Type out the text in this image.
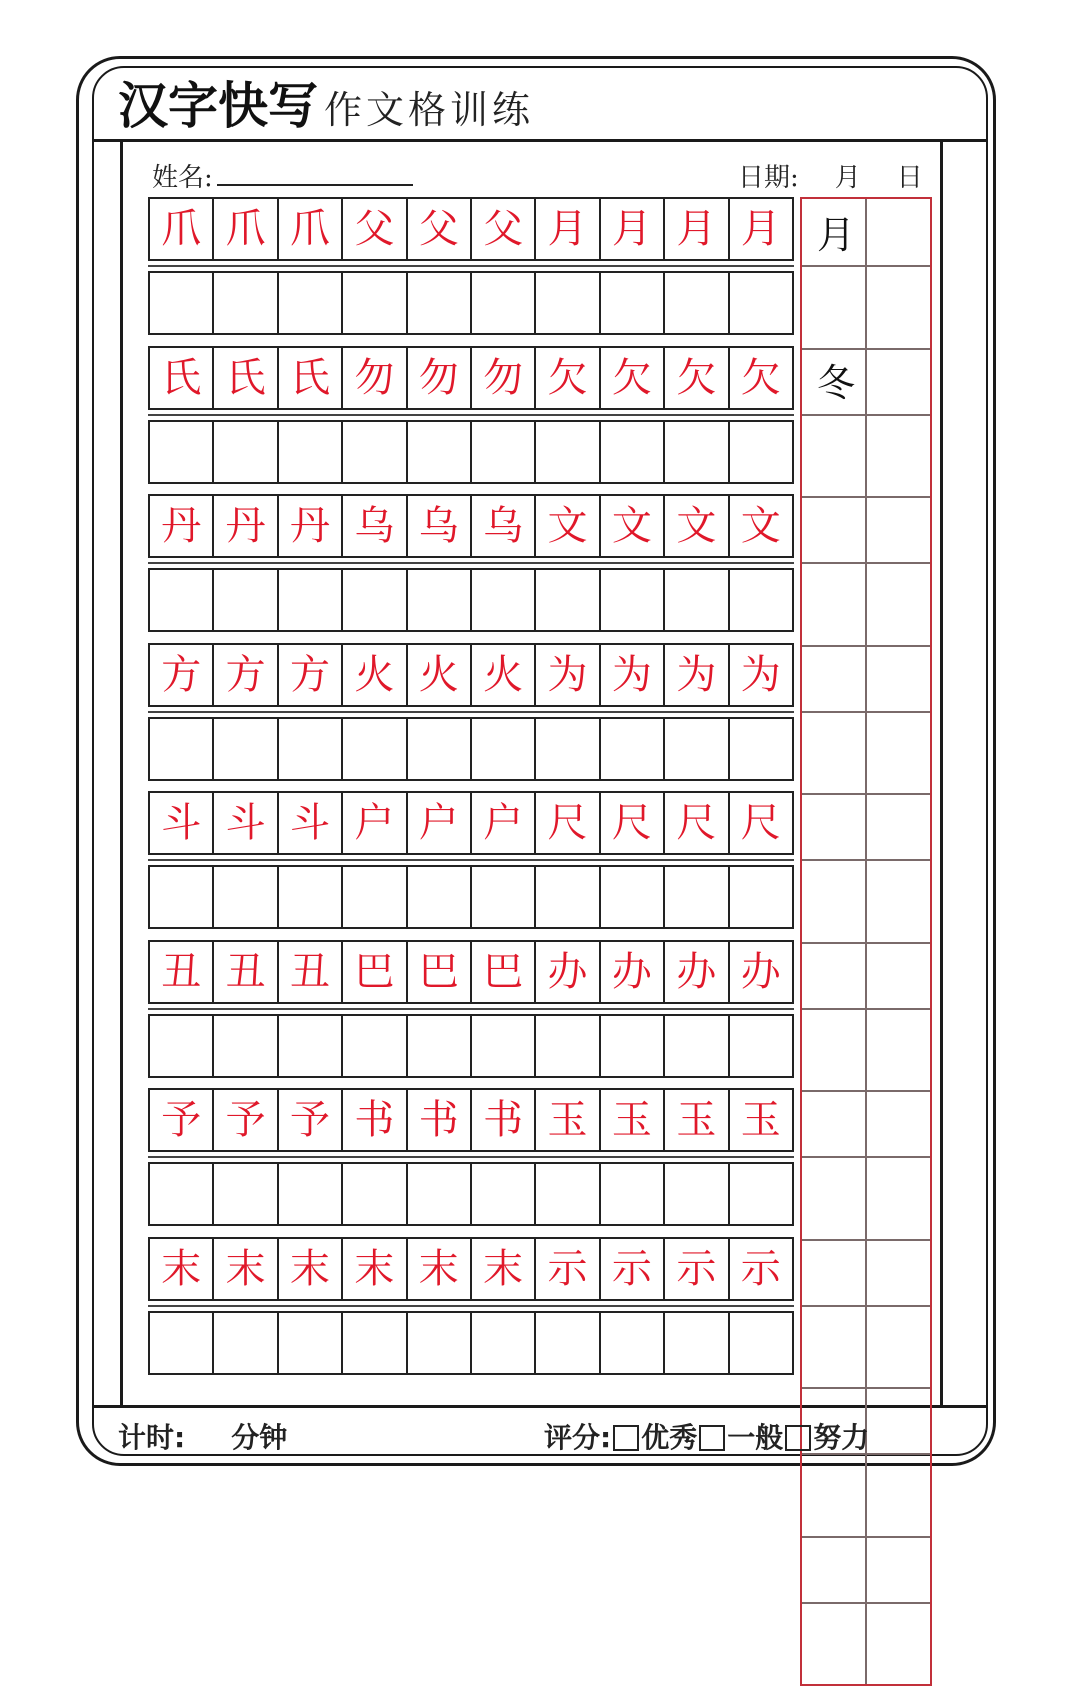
汉字快写 作文格训练
姓名:	日期: 月 日
爪 爪 爪 父 父 父 月 月 月 月
氏 氏 氏 勿 勿 勿 欠 欠 欠 欠
丹 丹 丹 乌 乌 乌 文 文 文 文
方 方 方 火 火 火 为 为 为 为
斗 斗 斗 户 户 户 尺 尺 尺 尺
丑 丑 丑 巴 巴 巴 办 办 办 办
予 予 予 书 书 书 玉 玉 玉 玉
末 末 末 末 末 末 示 示 示 示
月
冬
计时: 分钟	评分: 优秀 一般 努力
